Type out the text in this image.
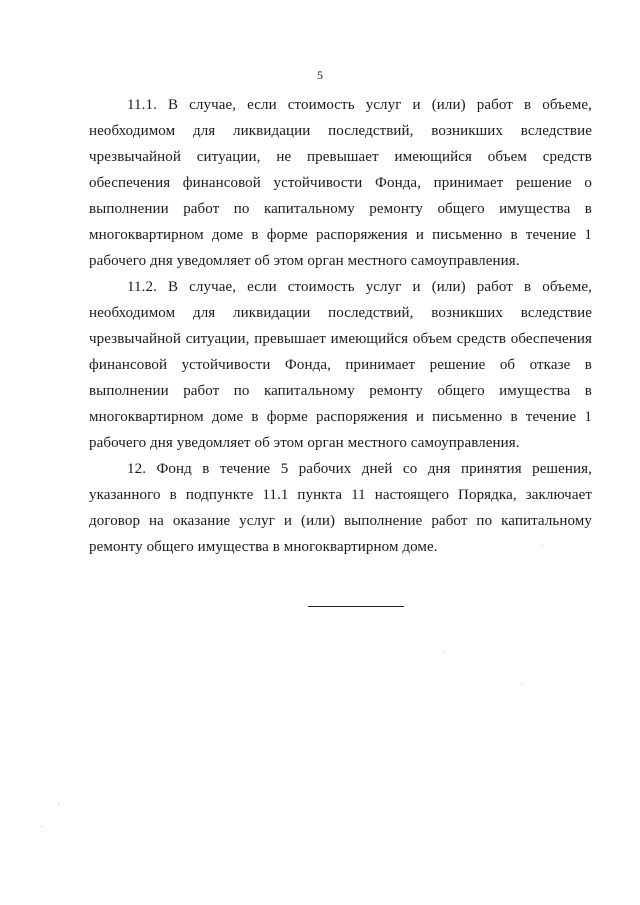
5

11.1. В случае, если стоимость услуг и (или) работ в объеме, необходимом для ликвидации последствий, возникших вследствие чрезвычайной ситуации, не превышает имеющийся объем средств обеспечения финансовой устойчивости Фонда, принимает решение о выполнении работ по капитальному ремонту общего имущества в многоквартирном доме в форме распоряжения и письменно в течение 1 рабочего дня уведомляет об этом орган местного самоуправления.

11.2. В случае, если стоимость услуг и (или) работ в объеме, необходимом для ликвидации последствий, возникших вследствие чрезвычайной ситуации, превышает имеющийся объем средств обеспечения финансовой устойчивости Фонда, принимает решение об отказе в выполнении работ по капитальному ремонту общего имущества в многоквартирном доме в форме распоряжения и письменно в течение 1 рабочего дня уведомляет об этом орган местного самоуправления.

12. Фонд в течение 5 рабочих дней со дня принятия решения, указанного в подпункте 11.1 пункта 11 настоящего Порядка, заключает договор на оказание услуг и (или) выполнение работ по капитальному ремонту общего имущества в многоквартирном доме.
